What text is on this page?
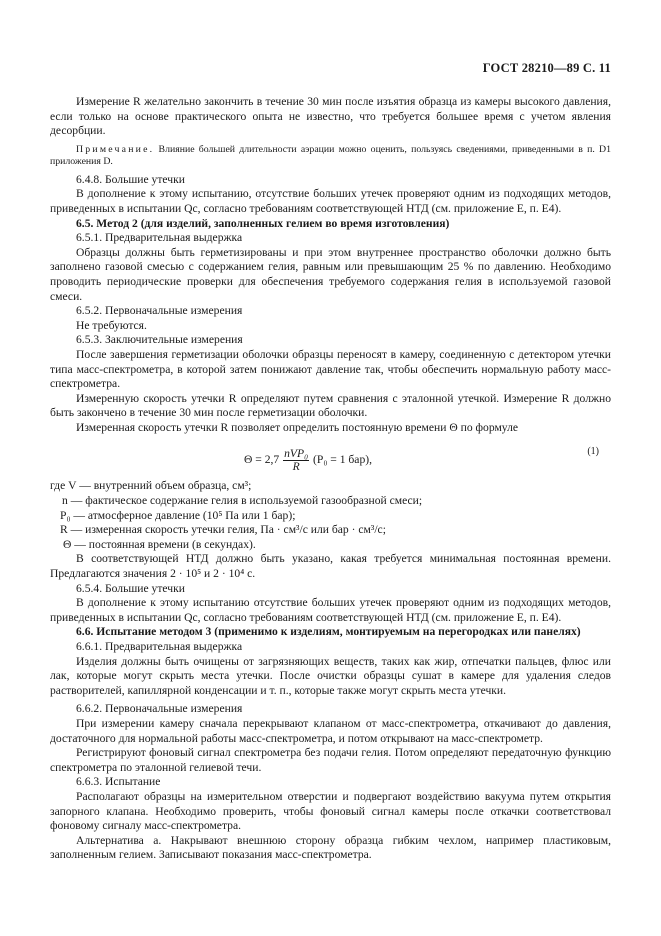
ГОСТ 28210—89 С. 11

Измерение R желательно закончить в течение 30 мин после изъятия образца из камеры высокого давления, если только на основе практического опыта не известно, что требуется большее время с учетом явления десорбции.

Примечание. Влияние большей длительности аэрации можно оценить, пользуясь сведениями, приведенными в п. D1 приложения D.

6.4.8. Большие утечки

В дополнение к этому испытанию, отсутствие больших утечек проверяют одним из подходящих методов, приведенных в испытании Qc, согласно требованиям соответствующей НТД (см. приложение Е, п. Е4).

6.5. Метод 2 (для изделий, заполненных гелием во время изготовления)

6.5.1. Предварительная выдержка

Образцы должны быть герметизированы и при этом внутреннее пространство оболочки должно быть заполнено газовой смесью с содержанием гелия, равным или превышающим 25 % по давлению. Необходимо проводить периодические проверки для обеспечения требуемого содержания гелия в используемой газовой смеси.

6.5.2. Первоначальные измерения

Не требуются.

6.5.3. Заключительные измерения

После завершения герметизации оболочки образцы переносят в камеру, соединенную с детектором утечки типа масс-спектрометра, в которой затем понижают давление так, чтобы обеспечить нормальную работу масс-спектрометра.

Измеренную скорость утечки R определяют путем сравнения с эталонной утечкой. Измерение R должно быть закончено в течение 30 мин после герметизации оболочки.

Измеренная скорость утечки R позволяет определить постоянную времени Θ по формуле

$\Theta = 2,7 \frac{\text{nVP₀}}{R} (P_0 = 1$ бар),
(1)
где V — внутренний объем образца, см³;
n — фактическое содержание гелия в используемой газообразной смеси;
P₀ — атмосферное давление (10⁵ Па или 1 бар);
R — измеренная скорость утечки гелия, Па · см³/с или бар · см³/с;
Θ — постоянная времени (в секундах).

В соответствующей НТД должно быть указано, какая требуется минимальная постоянная времени. Предлагаются значения 2 · 10⁵ и 2 · 10⁴ с.

6.5.4. Большие утечки

В дополнение к этому испытанию отсутствие больших утечек проверяют одним из подходящих методов, приведенных в испытании Qc, согласно требованиям соответствующей НТД (см. приложение Е, п. Е4).

6.6. Испытание методом 3 (применимо к изделиям, монтируемым на перегородках или панелях)

6.6.1. Предварительная выдержка

Изделия должны быть очищены от загрязняющих веществ, таких как жир, отпечатки пальцев, флюс или лак, которые могут скрыть места утечки. После очистки образцы сушат в камере для удаления следов растворителей, капиллярной конденсации и т. п., которые также могут скрыть места утечки.

6.6.2. Первоначальные измерения

При измерении камеру сначала перекрывают клапаном от масс-спектрометра, откачивают до давления, достаточного для нормальной работы масс-спектрометра, и потом открывают на масс-спектрометр.

Регистрируют фоновый сигнал спектрометра без подачи гелия. Потом определяют передаточную функцию спектрометра по эталонной гелиевой течи.

6.6.3. Испытание

Располагают образцы на измерительном отверстии и подвергают воздействию вакуума путем открытия запорного клапана. Необходимо проверить, чтобы фоновый сигнал камеры после откачки соответствовал фоновому сигналу масс-спектрометра.

Альтернатива а. Накрывают внешнюю сторону образца гибким чехлом, например пластиковым, заполненным гелием. Записывают показания масс-спектрометра.
